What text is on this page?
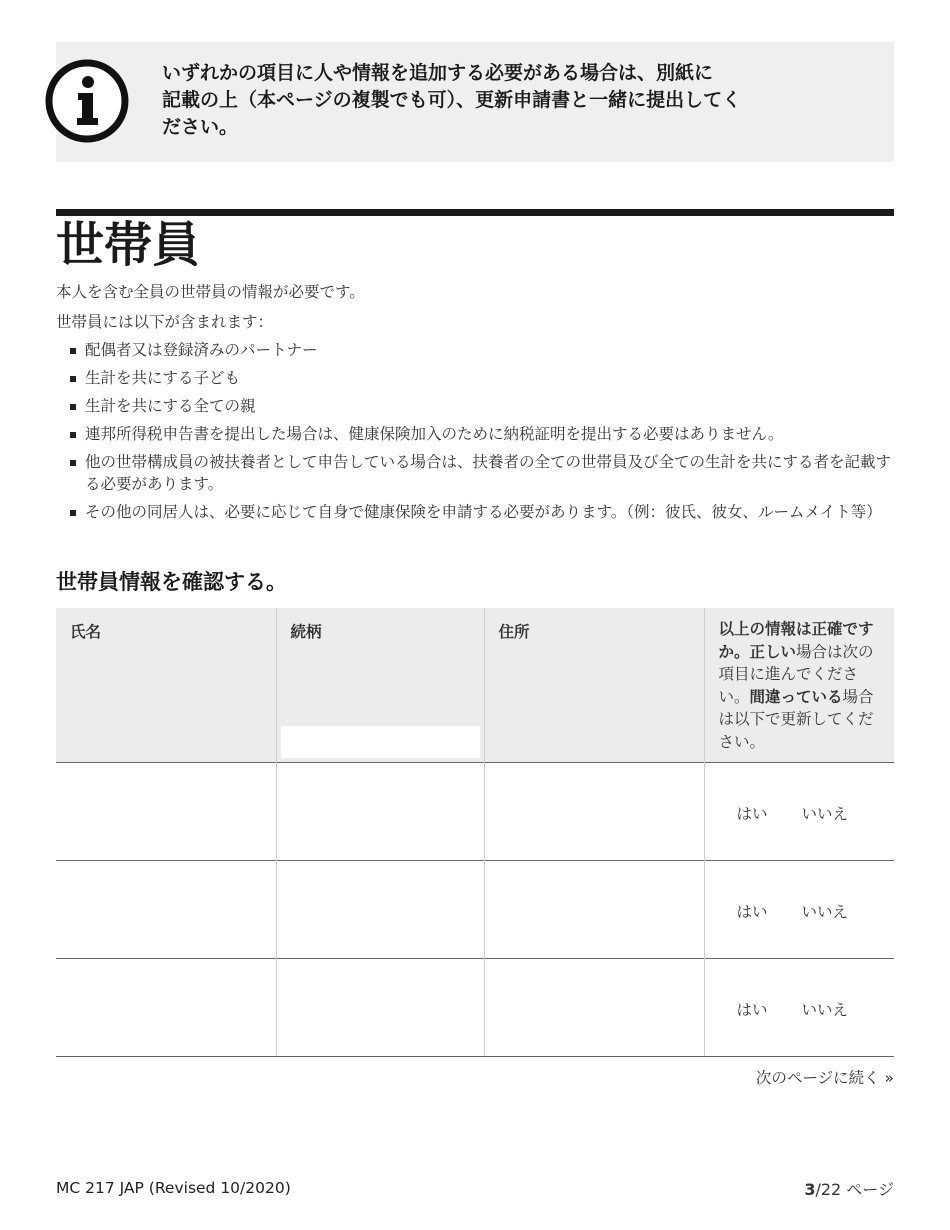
いずれかの項目に人や情報を追加する必要がある場合は、別紙に
記載の上（本ページの複製でも可）、更新申請書と一緒に提出してく
ださい。
世帯員
本人を含む全員の世帯員の情報が必要です。
世帯員には以下が含まれます：
配偶者又は登録済みのパートナー
生計を共にする子ども
生計を共にする全ての親
連邦所得税申告書を提出した場合は、健康保険加入のために納税証明を提出する必要はありません。
他の世帯構成員の被扶養者として申告している場合は、扶養者の全ての世帯員及び全ての生計を共にする者を記載する必要があります。
その他の同居人は、必要に応じて自身で健康保険を申請する必要があります。（例：彼氏、彼女、ルームメイト等）
世帯員情報を確認する。
氏名	続柄	住所	以上の情報は正確ですか。正しい場合は次の項目に進んでください。間違っている場合は以下で更新してください。

			はい いいえ

			はい いいえ

			はい いいえ
次のページに続く »
MC 217 JAP (Revised 10/2020)	3/22 ページ
